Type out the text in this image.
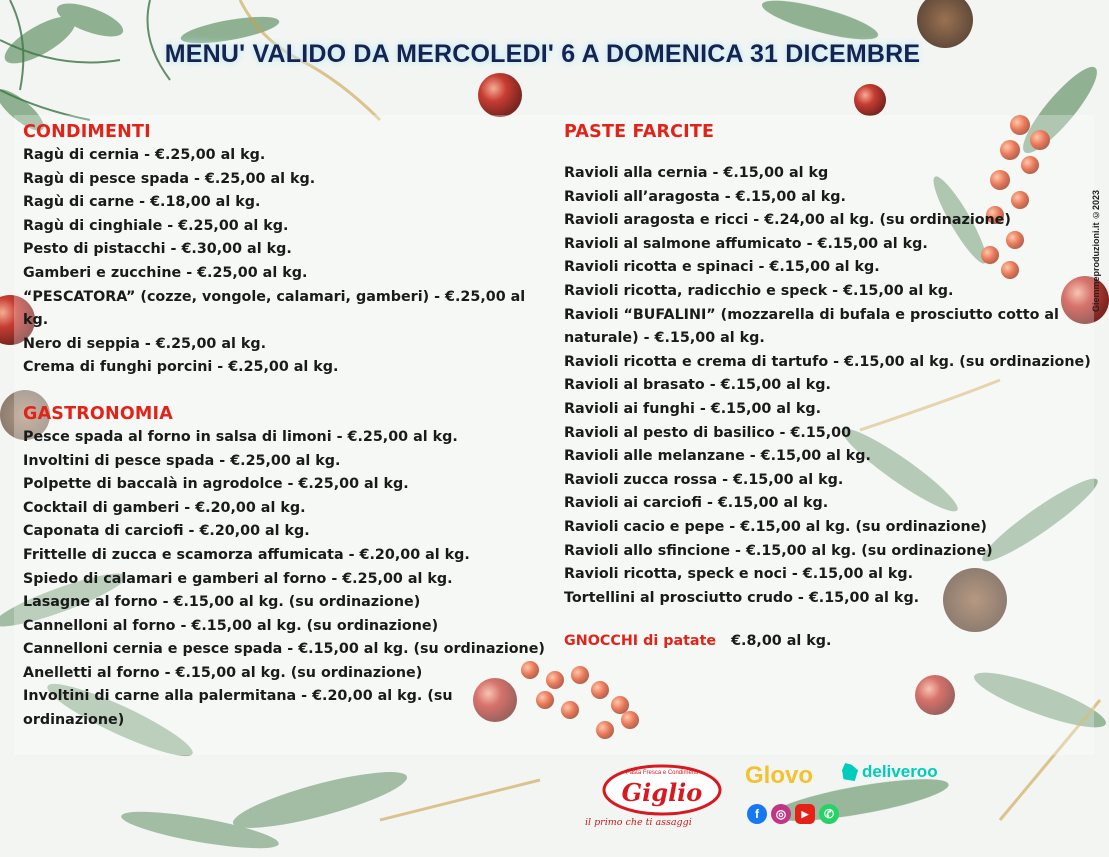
MENU' VALIDO DA MERCOLEDI' 6 A DOMENICA 31 DICEMBRE
Giemmeproduzioni.it ©2023
CONDIMENTI
Ragù di cernia - €.25,00 al kg.
Ragù di pesce spada - €.25,00 al kg.
Ragù di carne - €.18,00 al kg.
Ragù di cinghiale - €.25,00 al kg.
Pesto di pistacchi - €.30,00 al kg.
Gamberi e zucchine - €.25,00 al kg.
“PESCATORA” (cozze, vongole, calamari, gamberi) - €.25,00 al kg.
Nero di seppia - €.25,00 al kg.
Crema di funghi porcini - €.25,00 al kg.
GASTRONOMIA
Pesce spada al forno in salsa di limoni - €.25,00 al kg.
Involtini di pesce spada - €.25,00 al kg.
Polpette di baccalà in agrodolce - €.25,00 al kg.
Cocktail di gamberi - €.20,00 al kg.
Caponata di carciofi - €.20,00 al kg.
Frittelle di zucca e scamorza affumicata - €.20,00 al kg.
Spiedo di calamari e gamberi al forno - €.25,00 al kg.
Lasagne al forno - €.15,00 al kg. (su ordinazione)
Cannelloni al forno - €.15,00 al kg. (su ordinazione)
Cannelloni cernia e pesce spada - €.15,00 al kg. (su ordinazione)
Anelletti al forno - €.15,00 al kg. (su ordinazione)
Involtini di carne alla palermitana - €.20,00 al kg. (su ordinazione)
PASTE FARCITE
Ravioli alla cernia - €.15,00 al kg
Ravioli all’aragosta - €.15,00 al kg.
Ravioli aragosta e ricci - €.24,00 al kg. (su ordinazione)
Ravioli al salmone affumicato - €.15,00 al kg.
Ravioli ricotta e spinaci - €.15,00 al kg.
Ravioli ricotta, radicchio e speck - €.15,00 al kg.
Ravioli “BUFALINI” (mozzarella di bufala e prosciutto cotto al naturale) - €.15,00 al kg.
Ravioli ricotta e crema di tartufo - €.15,00 al kg. (su ordinazione)
Ravioli al brasato - €.15,00 al kg.
Ravioli ai funghi - €.15,00 al kg.
Ravioli al pesto di basilico - €.15,00
Ravioli alle melanzane - €.15,00 al kg.
Ravioli zucca rossa - €.15,00 al kg.
Ravioli ai carciofi - €.15,00 al kg.
Ravioli cacio e pepe - €.15,00 al kg. (su ordinazione)
Ravioli allo sfincione - €.15,00 al kg. (su ordinazione)
Ravioli ricotta, speck e noci - €.15,00 al kg.
Tortellini al prosciutto crudo - €.15,00 al kg.
GNOCCHI di patate €.8,00 al kg.
Pasta Fresca e Condimenti
Giglio
il primo che ti assaggi
Glovo	deliveroo
f ◎ ▶ ✆
